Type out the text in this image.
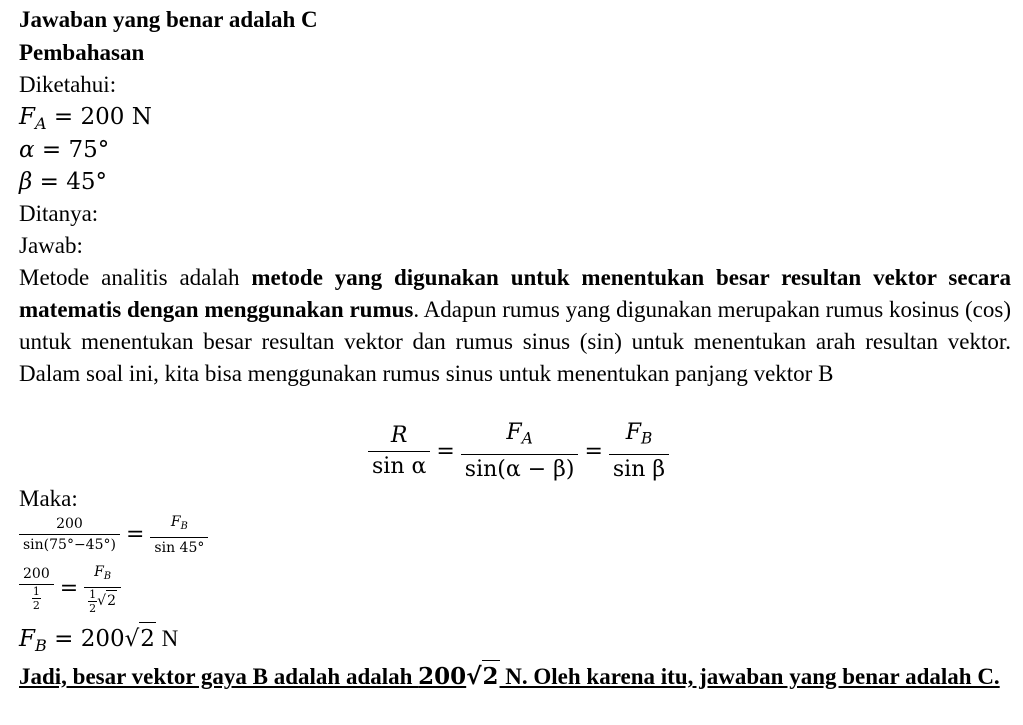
Jawaban yang benar adalah C
Pembahasan
Diketahui:
$F_A = 200$ N
α = 75°
β = 45°
Ditanya:
Jawab:

Metode analitis adalah metode yang digunakan untuk menentukan besar resultan vektor secara matematis dengan menggunakan rumus. Adapun rumus yang digunakan merupakan rumus kosinus (cos) untuk menentukan besar resultan vektor dan rumus sinus (sin) untuk menentukan arah resultan vektor. Dalam soal ini, kita bisa menggunakan rumus sinus untuk menentukan panjang vektor B

$\frac{R}{\text{sin α}} = \frac{F_A}{\sin(\alpha - \beta)} = \frac{F_B}{\text{sin β}}$
Maka:
$\frac{200}{\sin(75^\circ-45^\circ)} = \frac{F_B}{\sin 45^\circ}$
$\frac{200}{\frac{1}{2}} = \frac{F_B}{\frac{1}{2} √ 2}$
$F_B = 200$ √ 2 N
Jadi, besar vektor gaya B adalah adalah 200 √ 2 N. Oleh karena itu, jawaban yang benar adalah C.
